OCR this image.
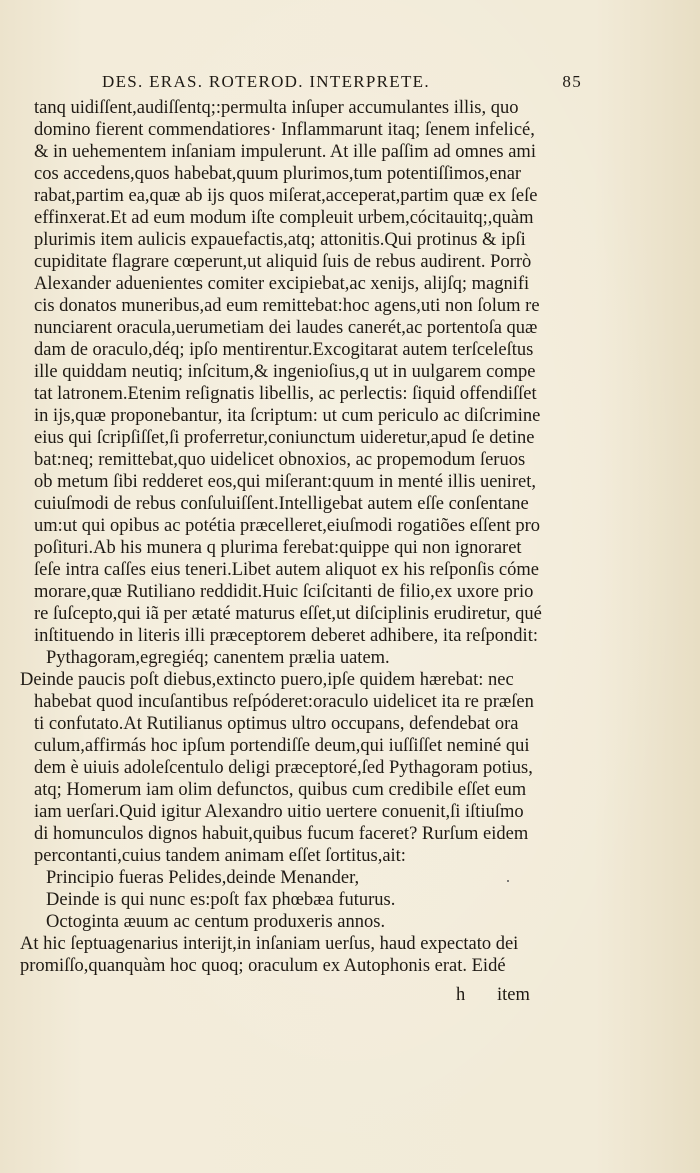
DES. ERAS. ROTEROD. INTERPRETE.	85
tanq uidiſſent,audiſſentq;:permulta inſuper accumulantes illis, quo
domino fierent commendatiores· Inflammarunt itaq; ſenem infelicé,
& in uehementem inſaniam impulerunt. At ille paſſim ad omnes ami
cos accedens,quos habebat,quum plurimos,tum potentiſſimos,enar
rabat,partim ea,quæ ab ijs quos miſerat,acceperat,partim quæ ex ſeſe
effinxerat.Et ad eum modum iſte compleuit urbem,cócitauitq;,quàm
plurimis item aulicis expauefactis,atq; attonitis.Qui protinus & ipſi
cupiditate flagrare cœperunt,ut aliquid ſuis de rebus audirent. Porrò
Alexander aduenientes comiter excipiebat,ac xenijs, alijſq; magnifi
cis donatos muneribus,ad eum remittebat:hoc agens,uti non ſolum re
nunciarent oracula,uerumetiam dei laudes canerét,ac portentoſa quæ
dam de oraculo,déq; ipſo mentirentur.Excogitarat autem terſceleſtus
ille quiddam neutiq; inſcitum,& ingenioſius,q ut in uulgarem compe
tat latronem.Etenim reſignatis libellis, ac perlectis: ſiquid offendiſſet
in ijs,quæ proponebantur, ita ſcriptum: ut cum periculo ac diſcrimine
eius qui ſcripſiſſet,ſi proferretur,coniunctum uideretur,apud ſe detine
bat:neq; remittebat,quo uidelicet obnoxios, ac propemodum ſeruos
ob metum ſibi redderet eos,qui miſerant:quum in menté illis ueniret,
cuiuſmodi de rebus conſuluiſſent.Intelligebat autem eſſe conſentane
um:ut qui opibus ac potétia præcelleret,eiuſmodi rogatiões eſſent pro
poſituri.Ab his munera q plurima ferebat:quippe qui non ignoraret
ſeſe intra caſſes eius teneri.Libet autem aliquot ex his reſponſis cóme
morare,quæ Rutiliano reddidit.Huic ſciſcitanti de filio,ex uxore prio
re ſuſcepto,qui iã per ætaté maturus eſſet,ut diſciplinis erudiretur, qué
inſtituendo in literis illi præceptorem deberet adhibere, ita reſpondit:
Pythagoram,egregiéq; canentem prælia uatem.
Deinde paucis poſt diebus,extincto puero,ipſe quidem hærebat: nec
habebat quod incuſantibus reſpóderet:oraculo uidelicet ita re præſen
ti confutato.At Rutilianus optimus ultro occupans, defendebat ora
culum,affirmás hoc ipſum portendiſſe deum,qui iuſſiſſet neminé qui
dem è uiuis adoleſcentulo deligi præceptoré,ſed Pythagoram potius,
atq; Homerum iam olim defunctos, quibus cum credibile eſſet eum
iam uerſari.Quid igitur Alexandro uitio uertere conuenit,ſi iſtiuſmo
di homunculos dignos habuit,quibus fucum faceret? Rurſum eidem
percontanti,cuius tandem animam eſſet ſortitus,ait:
Principio fueras Pelides,deinde Menander,
Deinde is qui nunc es:poſt fax phœbæa futurus.
Octoginta æuum ac centum produxeris annos.
At hic ſeptuagenarius interijt,in inſaniam uerſus, haud expectato dei
promiſſo,quanquàm hoc quoq; oraculum ex Autophonis erat. Eidé
h item
